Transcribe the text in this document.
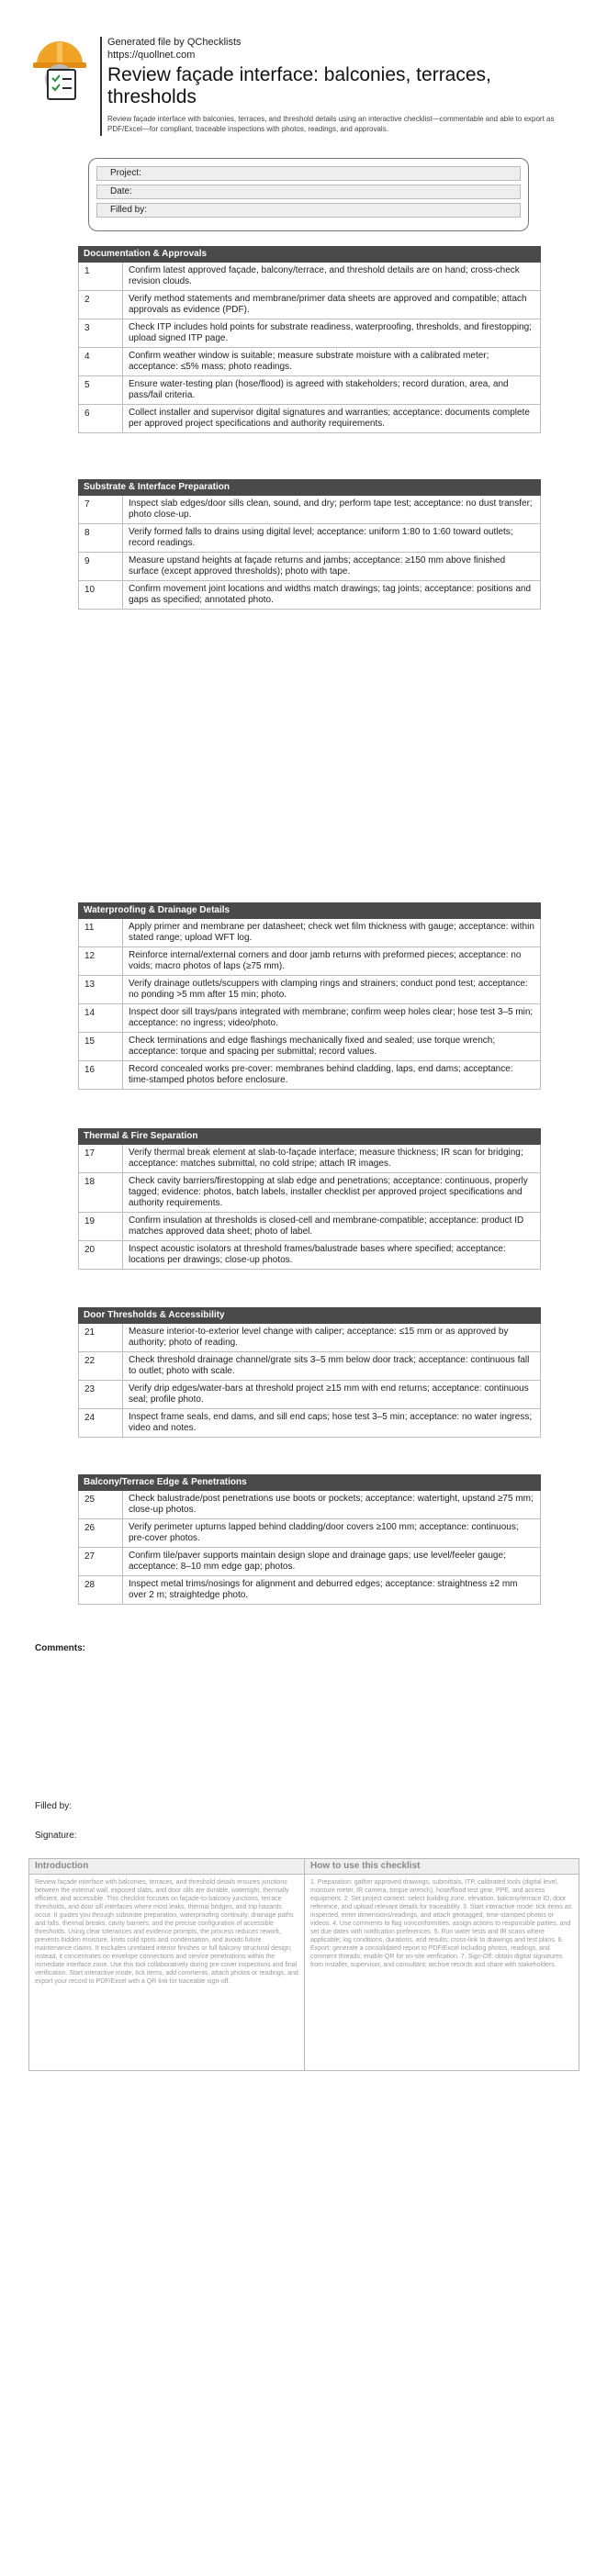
Generated file by QChecklists
https://quollnet.com
Review façade interface: balconies, terraces, thresholds
Review façade interface with balconies, terraces, and threshold details using an interactive checklist—commentable and able to export as PDF/Excel—for compliant, traceable inspections with photos, readings, and approvals.
Project:
Date:
Filled by:
Documentation & Approvals
1	Confirm latest approved façade, balcony/terrace, and threshold details are on hand; cross-check revision clouds.
2	Verify method statements and membrane/primer data sheets are approved and compatible; attach approvals as evidence (PDF).
3	Check ITP includes hold points for substrate readiness, waterproofing, thresholds, and firestopping; upload signed ITP page.
4	Confirm weather window is suitable; measure substrate moisture with a calibrated meter; acceptance: ≤5% mass; photo readings.
5	Ensure water-testing plan (hose/flood) is agreed with stakeholders; record duration, area, and pass/fail criteria.
6	Collect installer and supervisor digital signatures and warranties; acceptance: documents complete per approved project specifications and authority requirements.
Substrate & Interface Preparation
7	Inspect slab edges/door sills clean, sound, and dry; perform tape test; acceptance: no dust transfer; photo close-up.
8	Verify formed falls to drains using digital level; acceptance: uniform 1:80 to 1:60 toward outlets; record readings.
9	Measure upstand heights at façade returns and jambs; acceptance: ≥150 mm above finished surface (except approved thresholds); photo with tape.
10	Confirm movement joint locations and widths match drawings; tag joints; acceptance: positions and gaps as specified; annotated photo.
Waterproofing & Drainage Details
11	Apply primer and membrane per datasheet; check wet film thickness with gauge; acceptance: within stated range; upload WFT log.
12	Reinforce internal/external corners and door jamb returns with preformed pieces; acceptance: no voids; macro photos of laps (≥75 mm).
13	Verify drainage outlets/scuppers with clamping rings and strainers; conduct pond test; acceptance: no ponding >5 mm after 15 min; photo.
14	Inspect door sill trays/pans integrated with membrane; confirm weep holes clear; hose test 3–5 min; acceptance: no ingress; video/photo.
15	Check terminations and edge flashings mechanically fixed and sealed; use torque wrench; acceptance: torque and spacing per submittal; record values.
16	Record concealed works pre-cover: membranes behind cladding, laps, end dams; acceptance: time-stamped photos before enclosure.
Thermal & Fire Separation
17	Verify thermal break element at slab-to-façade interface; measure thickness; IR scan for bridging; acceptance: matches submittal, no cold stripe; attach IR images.
18	Check cavity barriers/firestopping at slab edge and penetrations; acceptance: continuous, properly tagged; evidence: photos, batch labels, installer checklist per approved project specifications and authority requirements.
19	Confirm insulation at thresholds is closed-cell and membrane-compatible; acceptance: product ID matches approved data sheet; photo of label.
20	Inspect acoustic isolators at threshold frames/balustrade bases where specified; acceptance: locations per drawings; close-up photos.
Door Thresholds & Accessibility
21	Measure interior-to-exterior level change with caliper; acceptance: ≤15 mm or as approved by authority; photo of reading.
22	Check threshold drainage channel/grate sits 3–5 mm below door track; acceptance: continuous fall to outlet; photo with scale.
23	Verify drip edges/water-bars at threshold project ≥15 mm with end returns; acceptance: continuous seal; profile photo.
24	Inspect frame seals, end dams, and sill end caps; hose test 3–5 min; acceptance: no water ingress; video and notes.
Balcony/Terrace Edge & Penetrations
25	Check balustrade/post penetrations use boots or pockets; acceptance: watertight, upstand ≥75 mm; close-up photos.
26	Verify perimeter upturns lapped behind cladding/door covers ≥100 mm; acceptance: continuous; pre-cover photos.
27	Confirm tile/paver supports maintain design slope and drainage gaps; use level/feeler gauge; acceptance: 8–10 mm edge gap; photos.
28	Inspect metal trims/nosings for alignment and deburred edges; acceptance: straightness ±2 mm over 2 m; straightedge photo.
Comments:
Filled by:
Signature:
Introduction
Review façade interface with balconies, terraces, and threshold details ensures junctions between the external wall, exposed slabs, and door sills are durable, watertight, thermally efficient, and accessible. This checklist focuses on façade-to-balcony junctions, terrace thresholds, and door sill interfaces where most leaks, thermal bridges, and trip hazards occur. It guides you through substrate preparation, waterproofing continuity, drainage paths and falls, thermal breaks, cavity barriers, and the precise configuration of accessible thresholds. Using clear tolerances and evidence prompts, the process reduces rework, prevents hidden moisture, limits cold spots and condensation, and avoids future maintenance claims. It excludes unrelated interior finishes or full balcony structural design; instead, it concentrates on envelope connections and service penetrations within the immediate interface zone. Use this tool collaboratively during pre-cover inspections and final verification. Start interactive mode, tick items, add comments, attach photos or readings, and export your record to PDF/Excel with a QR link for traceable sign-off.
How to use this checklist
1. Preparation: gather approved drawings, submittals, ITP, calibrated tools (digital level, moisture meter, IR camera, torque wrench), hose/flood test gear, PPE, and access equipment. 2. Set project context: select building zone, elevation, balcony/terrace ID, door reference, and upload relevant details for traceability. 3. Start interactive mode: tick items as inspected, enter dimensions/readings, and attach geotagged, time-stamped photos or videos. 4. Use comments to flag nonconformities, assign actions to responsible parties, and set due dates with notification preferences. 5. Run water tests and IR scans where applicable; log conditions, durations, and results; cross-link to drawings and test plans. 6. Export: generate a consolidated report to PDF/Excel including photos, readings, and comment threads; enable QR for on-site verification. 7. Sign-Off: obtain digital signatures from installer, supervisor, and consultant; archive records and share with stakeholders.
